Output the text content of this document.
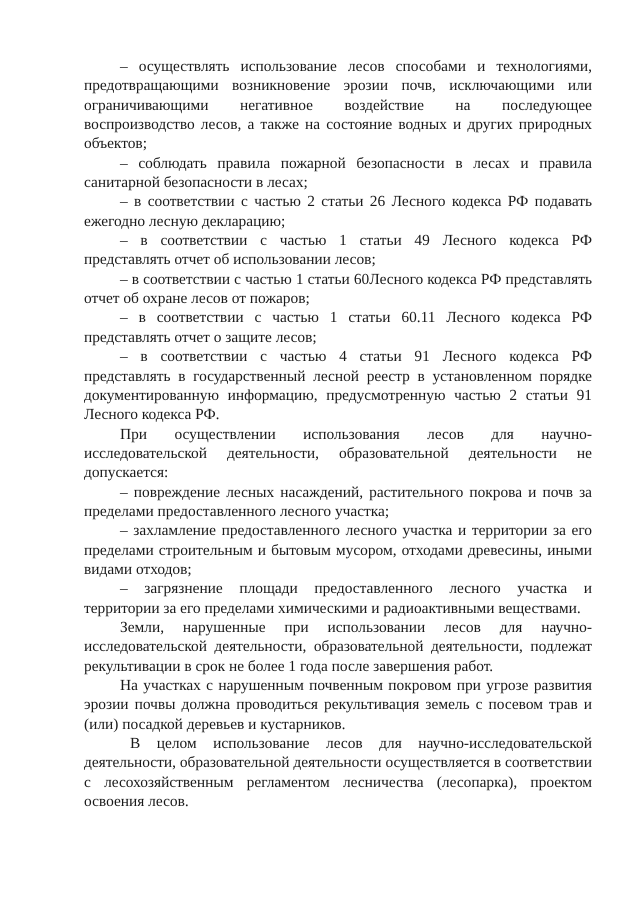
– осуществлять использование лесов способами и технологиями, предотвращающими возникновение эрозии почв, исключающими или ограничивающими негативное воздействие на последующее воспроизводство лесов, а также на состояние водных и других природных объектов;

– соблюдать правила пожарной безопасности в лесах и правила санитарной безопасности в лесах;

– в соответствии с частью 2 статьи 26 Лесного кодекса РФ подавать ежегодно лесную декларацию;

– в соответствии с частью 1 статьи 49 Лесного кодекса РФ представлять отчет об использовании лесов;

– в соответствии с частью 1 статьи 60Лесного кодекса РФ представлять отчет об охране лесов от пожаров;

– в соответствии с частью 1 статьи 60.11 Лесного кодекса РФ представлять отчет о защите лесов;

– в соответствии с частью 4 статьи 91 Лесного кодекса РФ представлять в государственный лесной реестр в установленном порядке документированную информацию, предусмотренную частью 2 статьи 91 Лесного кодекса РФ.

При осуществлении использования лесов для научно-исследовательской деятельности, образовательной деятельности не допускается:

– повреждение лесных насаждений, растительного покрова и почв за пределами предоставленного лесного участка;

– захламление предоставленного лесного участка и территории за его пределами строительным и бытовым мусором, отходами древесины, иными видами отходов;

– загрязнение площади предоставленного лесного участка и территории за его пределами химическими и радиоактивными веществами.

Земли, нарушенные при использовании лесов для научно-исследовательской деятельности, образовательной деятельности, подлежат рекультивации в срок не более 1 года после завершения работ.

На участках с нарушенным почвенным покровом при угрозе развития эрозии почвы должна проводиться рекультивация земель с посевом трав и (или) посадкой деревьев и кустарников.

В целом использование лесов для научно-исследовательской деятельности, образовательной деятельности осуществляется в соответствии с лесохозяйственным регламентом лесничества (лесопарка), проектом освоения лесов.
